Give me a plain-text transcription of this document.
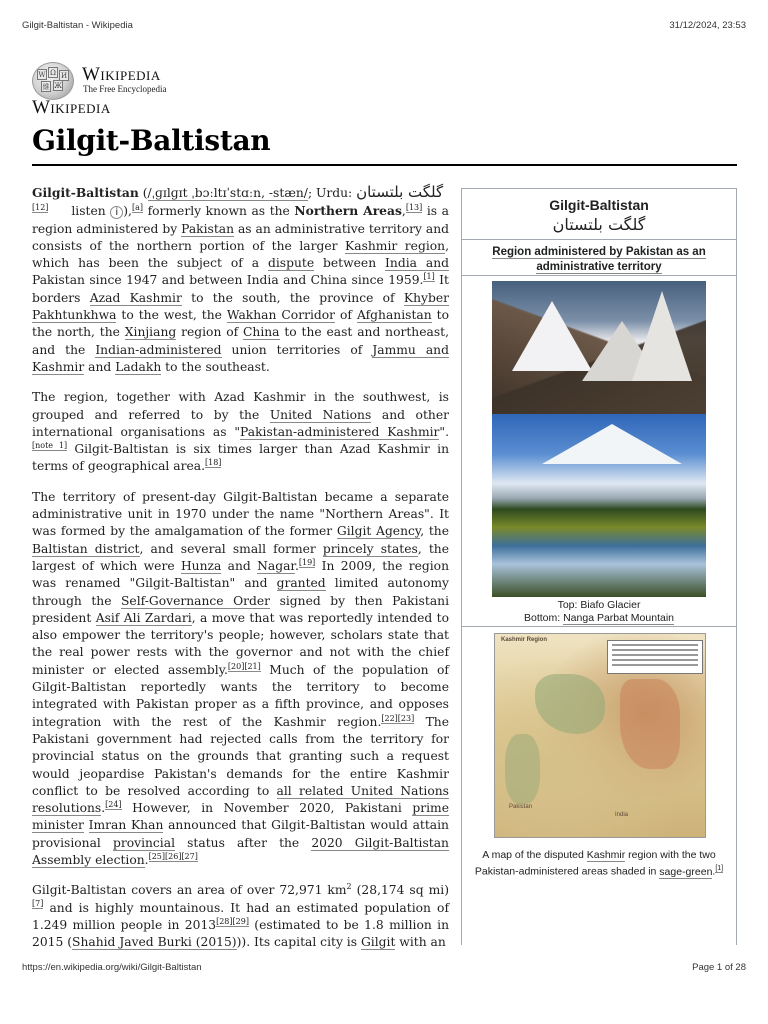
Gilgit-Baltistan - Wikipedia	31/12/2024, 23:53
W Ω И
維 Ж
Wikipedia
The Free Encyclopedia
Wikipedia
Gilgit-Baltistan

Gilgit-Baltistan (/ˌɡɪlɡɪt ˌbɔːltɪˈstɑːn, -stæn/; Urdu: گلگت بلتستان
[12] listen i ),[a] formerly known as the Northern Areas,[13] is a region administered by Pakistan as an administrative territory and consists of the northern portion of the larger Kashmir region, which has been the subject of a dispute between India and Pakistan since 1947 and between India and China since 1959.[1] It borders Azad Kashmir to the south, the province of Khyber Pakhtunkhwa to the west, the Wakhan Corridor of Afghanistan to the north, the Xinjiang region of China to the east and northeast, and the Indian-administered union territories of Jammu and Kashmir and Ladakh to the southeast.

The region, together with Azad Kashmir in the southwest, is grouped and referred to by the United Nations and other international organisations as "Pakistan-administered Kashmir".[note 1] Gilgit-Baltistan is six times larger than Azad Kashmir in terms of geographical area.[18]

The territory of present-day Gilgit-Baltistan became a separate administrative unit in 1970 under the name "Northern Areas". It was formed by the amalgamation of the former Gilgit Agency, the Baltistan district, and several small former princely states, the largest of which were Hunza and Nagar.[19] In 2009, the region was renamed "Gilgit-Baltistan" and granted limited autonomy through the Self-Governance Order signed by then Pakistani president Asif Ali Zardari, a move that was reportedly intended to also empower the territory's people; however, scholars state that the real power rests with the governor and not with the chief minister or elected assembly.[20][21] Much of the population of Gilgit-Baltistan reportedly wants the territory to become integrated with Pakistan proper as a fifth province, and opposes integration with the rest of the Kashmir region.[22][23] The Pakistani government had rejected calls from the territory for provincial status on the grounds that granting such a request would jeopardise Pakistan's demands for the entire Kashmir conflict to be resolved according to all related United Nations resolutions.[24] However, in November 2020, Pakistani prime minister Imran Khan announced that Gilgit-Baltistan would attain provisional provincial status after the 2020 Gilgit-Baltistan Assembly election.[25][26][27]

Gilgit-Baltistan covers an area of over 72,971 $km^2$ (28,174 sq mi)[7] and is highly mountainous. It had an estimated population of 1.249 million people in 2013[28][29] (estimated to be 1.8 million in 2015 (Shahid Javed Burki (2015))). Its capital city is Gilgit with an

Gilgit-Baltistan
گلگت بلتستان
Region administered by Pakistan as an administrative territory
Top: Biafo Glacier
Bottom: Nanga Parbat Mountain
Kashmir Region
Pakistan
India
A map of the disputed Kashmir region with the two Pakistan-administered areas shaded in sage-green.[1]
https://en.wikipedia.org/wiki/Gilgit-Baltistan	Page 1 of 28
